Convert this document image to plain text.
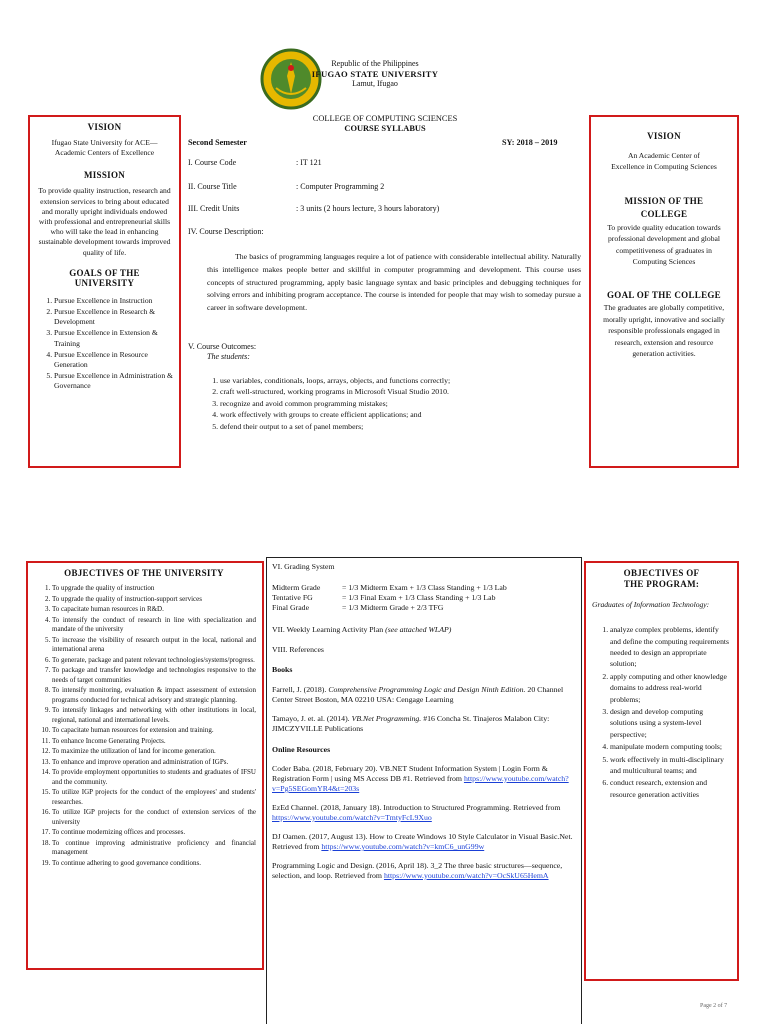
Republic of the Philippines
IFUGAO STATE UNIVERSITY
Lamut, Ifugao
COLLEGE OF COMPUTING SCIENCES
COURSE SYLLABUS
Second Semester	SY: 2018 – 2019
I. Course Code	: IT 121
II. Course Title	: Computer Programming 2
III. Credit Units	: 3 units (2 hours lecture, 3 hours laboratory)
IV. Course Description:
The basics of programming languages require a lot of patience with considerable intellectual ability. Naturally this intelligence makes people better and skillful in computer programming and development. This course uses concepts of structured programming, apply basic language syntax and basic principles and debugging techniques for solving errors and inhibiting program acceptance. The course is intended for people that may wish to someday pursue a career in software development.
V. Course Outcomes:
The students:
1. use variables, conditionals, loops, arrays, objects, and functions correctly;
2. craft well-structured, working programs in Microsoft Visual Studio 2010.
3. recognize and avoid common programming mistakes;
4. work effectively with groups to create efficient applications; and
5. defend their output to a set of panel members;
VISION
Ifugao State University for ACE— Academic Centers of Excellence
MISSION
To provide quality instruction, research and extension services to bring about educated and morally upright individuals endowed with professional and entrepreneurial skills who will take the lead in enhancing sustainable development towards improved quality of life.
GOALS OF THE UNIVERSITY
1. Pursue Excellence in Instruction
2. Pursue Excellence in Research & Development
3. Pursue Excellence in Extension & Training
4. Pursue Excellence in Resource Generation
5. Pursue Excellence in Administration & Governance
VISION
An Academic Center of Excellence in Computing Sciences
MISSION OF THE COLLEGE
To provide quality education towards professional development and global competitiveness of graduates in Computing Sciences
GOAL OF THE COLLEGE
The graduates are globally competitive, morally upright, innovative and socially responsible professionals engaged in research, extension and resource generation activities.
OBJECTIVES OF THE UNIVERSITY
1. To upgrade the quality of instruction
2. To upgrade the quality of instruction-support services
3. To capacitate human resources in R&D.
4. To intensify the conduct of research in line with specialization and mandate of the university
5. To increase the visibility of research output in the local, national and international arena
6. To generate, package and patent relevant technologies/systems/progress.
7. To package and transfer knowledge and technologies responsive to the needs of target communities
8. To intensify monitoring, evaluation & impact assessment of extension programs conducted for technical advisory and strategic planning.
9. To intensify linkages and networking with other institutions in local, regional, national and international levels.
10. To capacitate human resources for extension and training.
11. To enhance Income Generating Projects.
12. To maximize the utilization of land for income generation.
13. To enhance and improve operation and administration of IGPs.
14. To provide employment opportunities to students and graduates of IFSU and the community.
15. To utilize IGP projects for the conduct of the employees' and students' researches.
16. To utilize IGP projects for the conduct of extension services of the university
17. To continue modernizing offices and processes.
18. To continue improving administrative proficiency and financial management
19. To continue adhering to good governance conditions.
VI. Grading System
Midterm Grade	= 1/3 Midterm Exam + 1/3 Class Standing + 1/3 Lab
Tentative FG	= 1/3 Final Exam + 1/3 Class Standing + 1/3 Lab
Final Grade	= 1/3 Midterm Grade + 2/3 TFG
VII. Weekly Learning Activity Plan (see attached WLAP)
VIII. References
Books
Farrell, J. (2018). Comprehensive Programming Logic and Design Ninth Edition. 20 Channel Center Street Boston, MA 02210 USA: Cengage Learning
Tamayo, J. et. al. (2014). VB.Net Programming. #16 Concha St. Tinajeros Malabon City: JIMCZYVILLE Publications
Online Resources
Coder Baba. (2018, February 20). VB.NET Student Information System | Login Form & Registration Form | using MS Access DB #1. Retrieved from https://www.youtube.com/watch?v=Pg5SEGomYR4&t=203s
EzEd Channel. (2018, January 18). Introduction to Structured Programming. Retrieved from https://www.youtube.com/watch?v=TmtyFcL9Xuo
DJ Oamen. (2017, August 13). How to Create Windows 10 Style Calculator in Visual Basic.Net. Retrieved from https://www.youtube.com/watch?v=kmC6_unG99w
Programming Logic and Design. (2016, April 18). 3_2 The three basic structures—sequence, selection, and loop. Retrieved from https://www.youtube.com/watch?v=OcSkU65HemA
OBJECTIVES OF THE PROGRAM:
Graduates of Information Technology:
1. analyze complex problems, identify and define the computing requirements needed to design an appropriate solution;
2. apply computing and other knowledge domains to address real-world problems;
3. design and develop computing solutions using a system-level perspective;
4. manipulate modern computing tools;
5. work effectively in multi-disciplinary and multicultural teams; and
6. conduct research, extension and resource generation activities
Page 2 of 7
